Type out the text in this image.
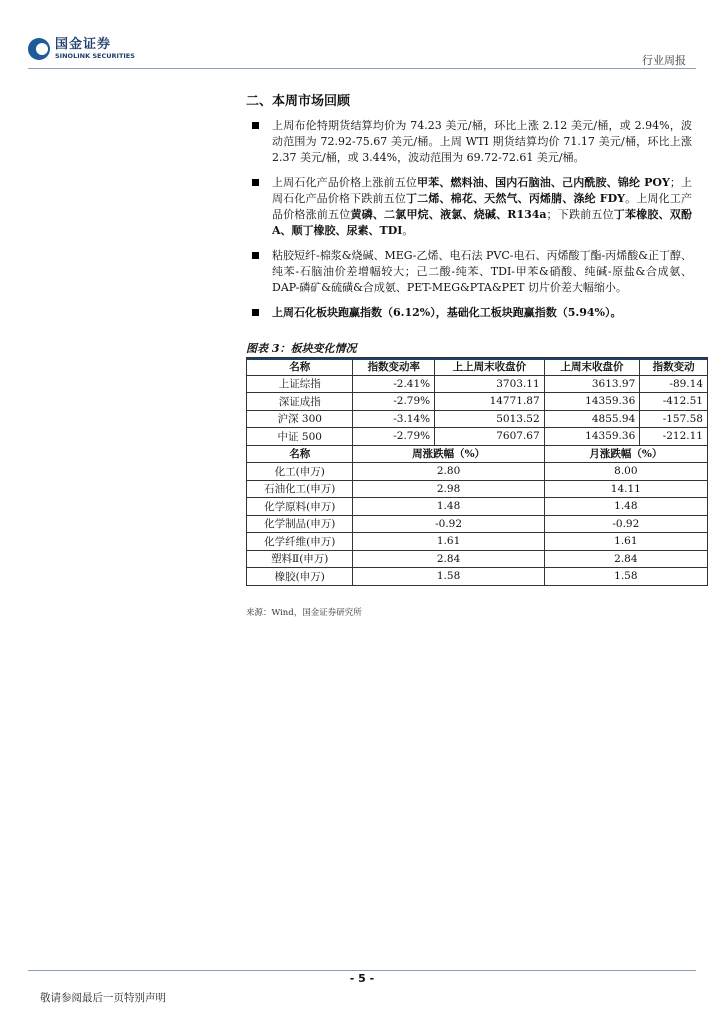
国金证券
SINOLINK SECURITIES	行业周报
二、本周市场回顾
上周布伦特期货结算均价为 74.23 美元/桶，环比上涨 2.12 美元/桶，或 2.94%，波动范围为 72.92-75.67 美元/桶。上周 WTI 期货结算均价 71.17 美元/桶，环比上涨 2.37 美元/桶，或 3.44%，波动范围为 69.72-72.61 美元/桶。
上周石化产品价格上涨前五位甲苯、燃料油、国内石脑油、己内酰胺、锦纶 POY；上周石化产品价格下跌前五位丁二烯、棉花、天然气、丙烯腈、涤纶 FDY。上周化工产品价格涨前五位黄磷、二氯甲烷、液氯、烧碱、R134a；下跌前五位丁苯橡胶、双酚 A、顺丁橡胶、尿素、TDI。
粘胶短纤-棉浆&烧碱、MEG-乙烯、电石法 PVC-电石、丙烯酸丁酯-丙烯酸&正丁醇、纯苯-石脑油价差增幅较大；己二酸-纯苯、TDI-甲苯&硝酸、纯碱-原盐&合成氨、DAP-磷矿&硫磺&合成氨、PET-MEG&PTA&PET 切片价差大幅缩小。
上周石化板块跑赢指数（6.12%），基础化工板块跑赢指数（5.94%）。
图表 3：板块变化情况
名称	指数变动率	上上周末收盘价	上周末收盘价	指数变动
上证综指	-2.41%	3703.11	3613.97	-89.14
深证成指	-2.79%	14771.87	14359.36	-412.51
沪深 300	-3.14%	5013.52	4855.94	-157.58
中证 500	-2.79%	7607.67	14359.36	-212.11
名称	周涨跌幅（%）		月涨跌幅（%）	
化工(申万)	2.80		8.00	
石油化工(申万)	2.98		14.11	
化学原料(申万)	1.48		1.48	
化学制品(申万)	-0.92		-0.92	
化学纤维(申万)	1.61		1.61	
塑料Ⅱ(申万)	2.84		2.84	
橡胶(申万)	1.58		1.58	
来源：Wind，国金证券研究所
- 5 -
敬请参阅最后一页特别声明
